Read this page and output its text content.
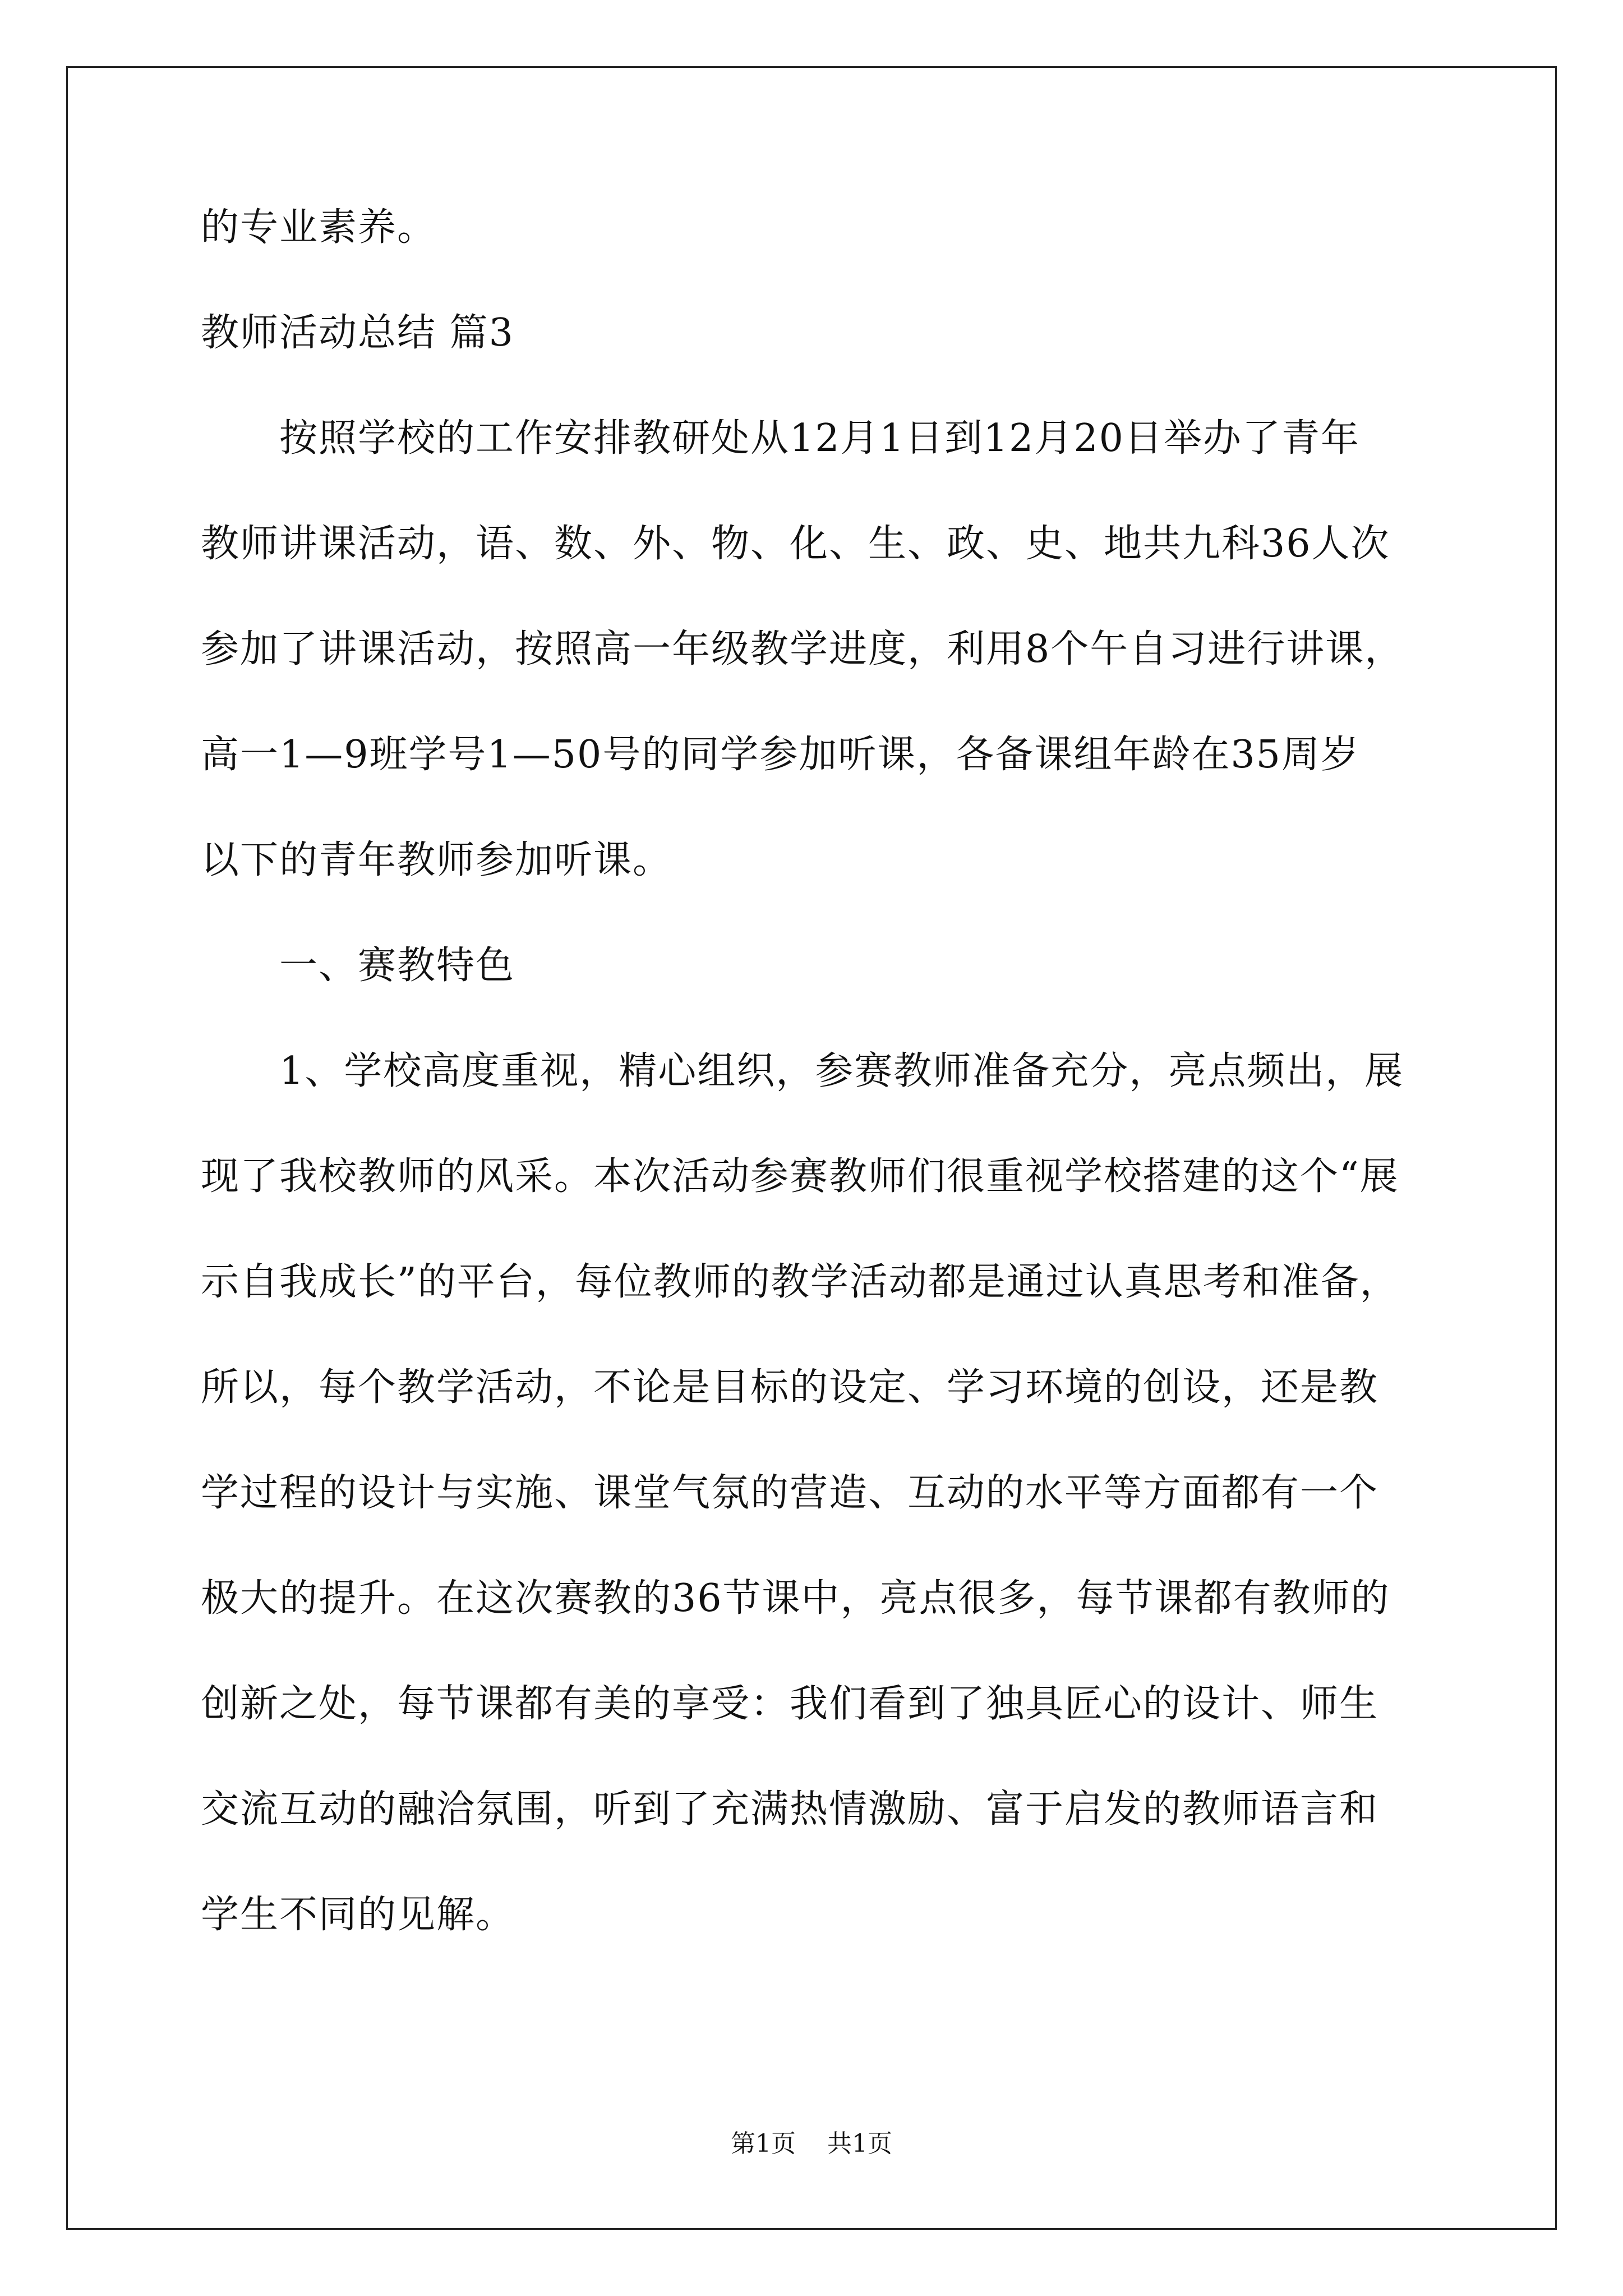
的专业素养。
教师活动总结 篇3
按照学校的工作安排教研处从12月1日到12月20日举办了青年
教师讲课活动，语、数、外、物、化、生、政、史、地共九科36人次
参加了讲课活动，按照高一年级教学进度，利用8个午自习进行讲课，
高一1—9班学号1—50号的同学参加听课，各备课组年龄在35周岁
以下的青年教师参加听课。
一、赛教特色
1、学校高度重视，精心组织，参赛教师准备充分，亮点频出，展
现了我校教师的风采。本次活动参赛教师们很重视学校搭建的这个“展
示自我成长”的平台，每位教师的教学活动都是通过认真思考和准备，
所以，每个教学活动，不论是目标的设定、学习环境的创设，还是教
学过程的设计与实施、课堂气氛的营造、互动的水平等方面都有一个
极大的提升。在这次赛教的36节课中，亮点很多，每节课都有教师的
创新之处，每节课都有美的享受：我们看到了独具匠心的设计、师生
交流互动的融洽氛围，听到了充满热情激励、富于启发的教师语言和
学生不同的见解。
第1页 共1页
